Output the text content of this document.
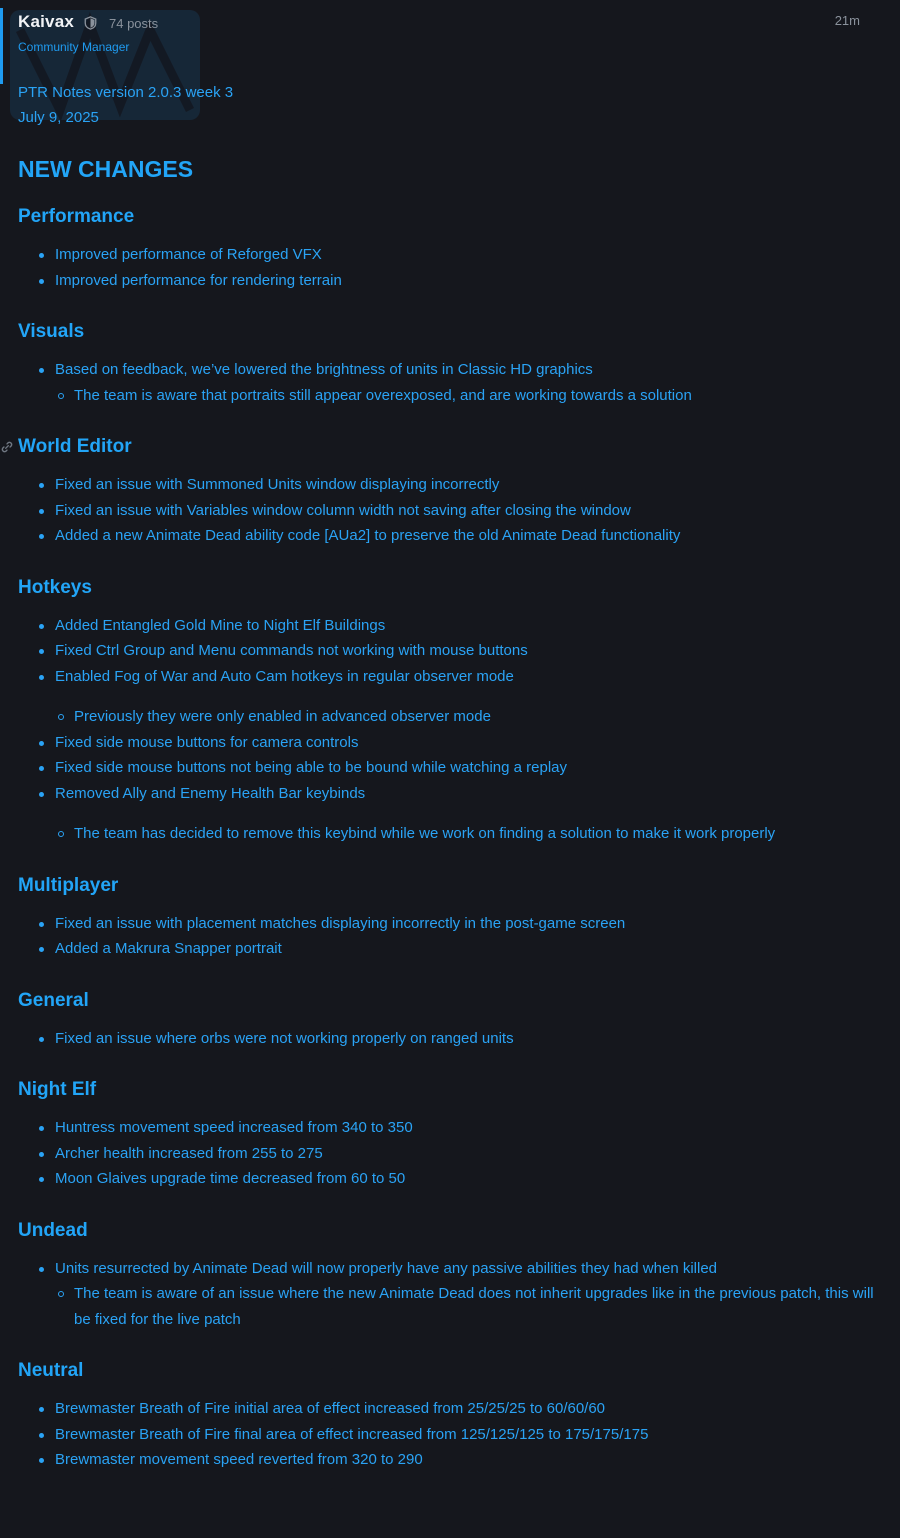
Kaivax	74 posts
Community Manager
21m
PTR Notes version 2.0.3 week 3
July 9, 2025
NEW CHANGES
Performance
Improved performance of Reforged VFX
Improved performance for rendering terrain
Visuals
Based on feedback, we’ve lowered the brightness of units in Classic HD graphics
The team is aware that portraits still appear overexposed, and are working towards a solution
World Editor
Fixed an issue with Summoned Units window displaying incorrectly
Fixed an issue with Variables window column width not saving after closing the window
Added a new Animate Dead ability code [AUa2] to preserve the old Animate Dead functionality
Hotkeys
Added Entangled Gold Mine to Night Elf Buildings
Fixed Ctrl Group and Menu commands not working with mouse buttons
Enabled Fog of War and Auto Cam hotkeys in regular observer mode
Previously they were only enabled in advanced observer mode
Fixed side mouse buttons for camera controls
Fixed side mouse buttons not being able to be bound while watching a replay
Removed Ally and Enemy Health Bar keybinds
The team has decided to remove this keybind while we work on finding a solution to make it work properly
Multiplayer
Fixed an issue with placement matches displaying incorrectly in the post-game screen
Added a Makrura Snapper portrait
General
Fixed an issue where orbs were not working properly on ranged units
Night Elf
Huntress movement speed increased from 340 to 350
Archer health increased from 255 to 275
Moon Glaives upgrade time decreased from 60 to 50
Undead
Units resurrected by Animate Dead will now properly have any passive abilities they had when killed
The team is aware of an issue where the new Animate Dead does not inherit upgrades like in the previous patch, this will be fixed for the live patch
Neutral
Brewmaster Breath of Fire initial area of effect increased from 25/25/25 to 60/60/60
Brewmaster Breath of Fire final area of effect increased from 125/125/125 to 175/175/175
Brewmaster movement speed reverted from 320 to 290
